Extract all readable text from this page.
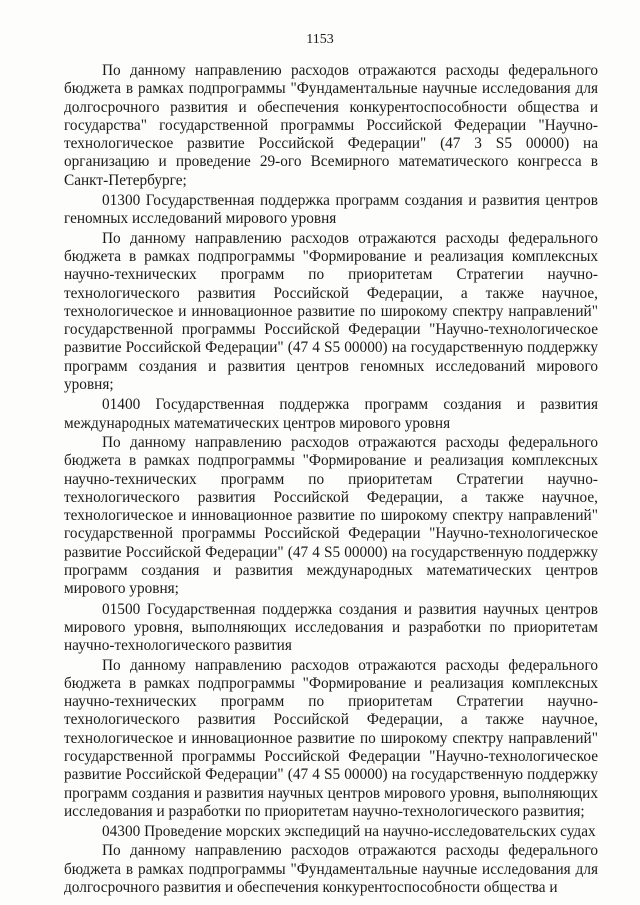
1153

По данному направлению расходов отражаются расходы федерального бюджета в рамках подпрограммы "Фундаментальные научные исследования для долгосрочного развития и обеспечения конкурентоспособности общества и государства" государственной программы Российской Федерации "Научно-технологическое развитие Российской Федерации" (47 3 S5 00000) на организацию и проведение 29-ого Всемирного математического конгресса в Санкт-Петербурге;

01300 Государственная поддержка программ создания и развития центров геномных исследований мирового уровня

По данному направлению расходов отражаются расходы федерального бюджета в рамках подпрограммы "Формирование и реализация комплексных научно-технических программ по приоритетам Стратегии научно-технологического развития Российской Федерации, а также научное, технологическое и инновационное развитие по широкому спектру направлений" государственной программы Российской Федерации "Научно-технологическое развитие Российской Федерации" (47 4 S5 00000) на государственную поддержку программ создания и развития центров геномных исследований мирового уровня;

01400 Государственная поддержка программ создания и развития международных математических центров мирового уровня

По данному направлению расходов отражаются расходы федерального бюджета в рамках подпрограммы "Формирование и реализация комплексных научно-технических программ по приоритетам Стратегии научно-технологического развития Российской Федерации, а также научное, технологическое и инновационное развитие по широкому спектру направлений" государственной программы Российской Федерации "Научно-технологическое развитие Российской Федерации" (47 4 S5 00000) на государственную поддержку программ создания и развития международных математических центров мирового уровня;

01500 Государственная поддержка создания и развития научных центров мирового уровня, выполняющих исследования и разработки по приоритетам научно-технологического развития

По данному направлению расходов отражаются расходы федерального бюджета в рамках подпрограммы "Формирование и реализация комплексных научно-технических программ по приоритетам Стратегии научно-технологического развития Российской Федерации, а также научное, технологическое и инновационное развитие по широкому спектру направлений" государственной программы Российской Федерации "Научно-технологическое развитие Российской Федерации" (47 4 S5 00000) на государственную поддержку программ создания и развития научных центров мирового уровня, выполняющих исследования и разработки по приоритетам научно-технологического развития;

04300 Проведение морских экспедиций на научно-исследовательских судах

По данному направлению расходов отражаются расходы федерального бюджета в рамках подпрограммы "Фундаментальные научные исследования для долгосрочного развития и обеспечения конкурентоспособности общества и
